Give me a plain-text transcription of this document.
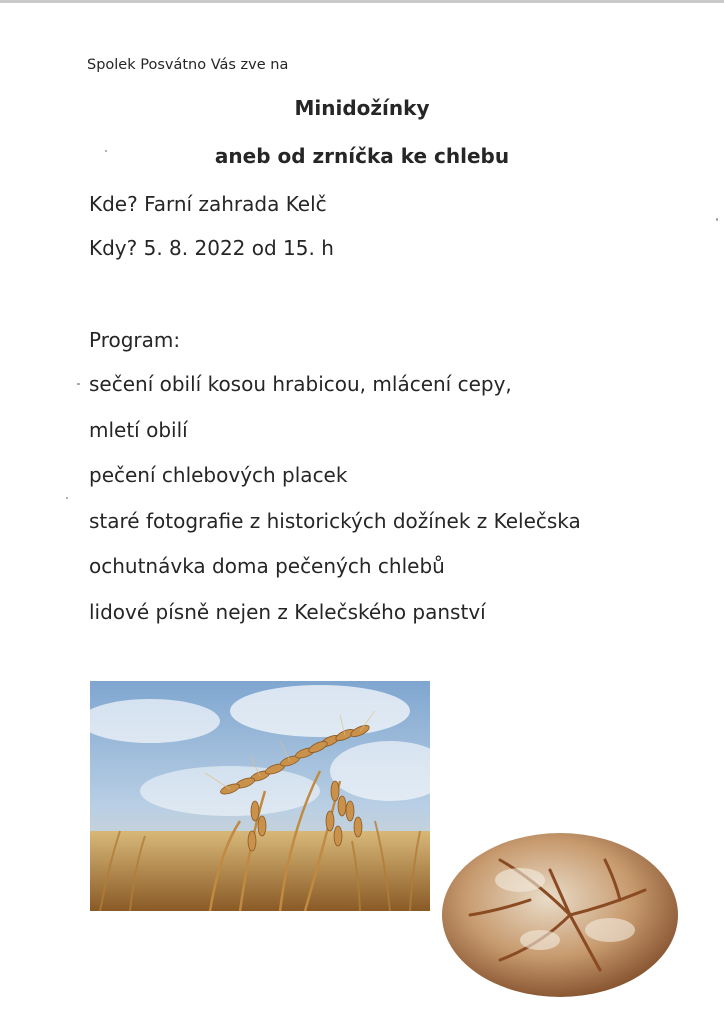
Spolek Posvátno Vás zve na
Minidožínky
aneb od zrníčka ke chlebu
Kde? Farní zahrada Kelč
Kdy? 5. 8. 2022 od 15. h
Program:
sečení obilí kosou hrabicou, mlácení cepy,
mletí obilí
pečení chlebových placek
staré fotografie z historických dožínek z Kelečska
ochutnávka doma pečených chlebů
lidové písně nejen z Kelečského panství
